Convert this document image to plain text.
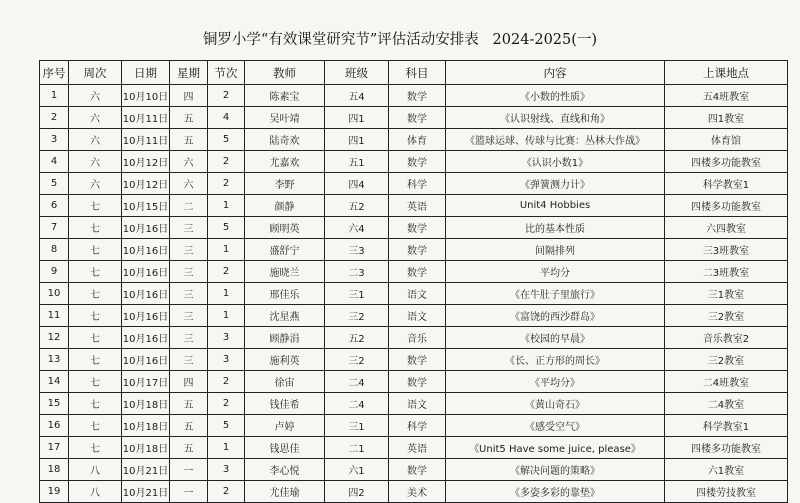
铜罗小学“有效课堂研究节”评估活动安排表   2024-2025(一)
序号	周次	日期	星期	节次	教师	班级	科目	内容	上课地点
1	六	10月10日	四	2	陈素宝	五4	数学	《小数的性质》	五4班教室
2	六	10月11日	五	4	吴叶靖	四1	数学	《认识射线、直线和角》	四1教室
3	六	10月11日	五	5	陆奇欢	四1	体育	《篮球运球、传球与比赛：丛林大作战》	体育馆
4	六	10月12日	六	2	尤嘉欢	五1	数学	《认识小数1》	四楼多功能教室
5	六	10月12日	六	2	李野	四4	科学	《弹簧测力计》	科学教室1
6	七	10月15日	二	1	颜静	五2	英语	Unit4 Hobbies	四楼多功能教室
7	七	10月16日	三	5	顾明英	六4	数学	比的基本性质	六四教室
8	七	10月16日	三	1	盛舒宁	三3	数学	间隔排列	三3班教室
9	七	10月16日	三	2	施晓兰	二3	数学	平均分	二3班教室
10	七	10月16日	三	1	邢佳乐	三1	语文	《在牛肚子里旅行》	三1教室
11	七	10月16日	三	1	沈星燕	三2	语文	《富饶的西沙群岛》	三2教室
12	七	10月16日	三	3	顾静涓	五2	音乐	《校园的早晨》	音乐教室2
13	七	10月16日	三	3	施利英	三2	数学	《长、正方形的周长》	三2教室
14	七	10月17日	四	2	徐宙	二4	数学	《平均分》	二4班教室
15	七	10月18日	五	2	钱佳希	二4	语文	《黄山奇石》	二4教室
16	七	10月18日	五	5	卢婷	三1	科学	《感受空气》	科学教室1
17	七	10月18日	五	1	钱思佳	二1	英语	《Unit5 Have some juice, please》	四楼多功能教室
18	八	10月21日	一	3	李心悦	六1	数学	《解决问题的策略》	六1教室
19	八	10月21日	一	2	尤佳瑜	四2	美术	《多姿多彩的靠垫》	四楼劳技教室
